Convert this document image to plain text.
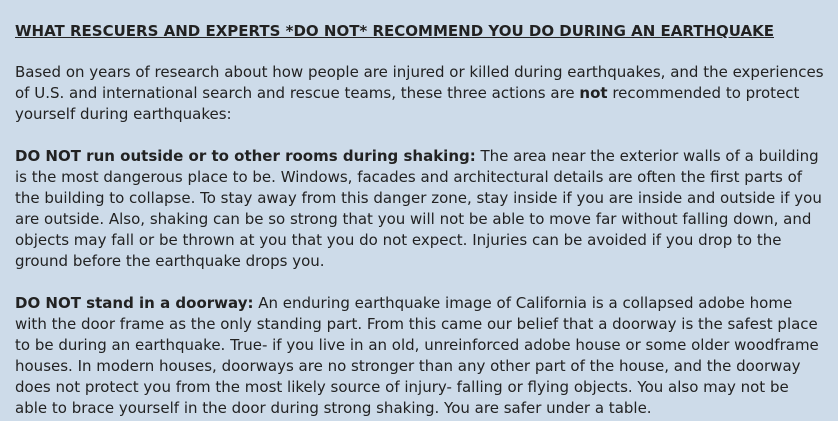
WHAT RESCUERS AND EXPERTS *DO NOT* RECOMMEND YOU DO DURING AN EARTHQUAKE

Based on years of research about how people are injured or killed during earthquakes, and the experiences of U.S. and international search and rescue teams, these three actions are not recommended to protect yourself during earthquakes:

DO NOT run outside or to other rooms during shaking: The area near the exterior walls of a building is the most dangerous place to be. Windows, facades and architectural details are often the first parts of the building to collapse. To stay away from this danger zone, stay inside if you are inside and outside if you are outside. Also, shaking can be so strong that you will not be able to move far without falling down, and objects may fall or be thrown at you that you do not expect. Injuries can be avoided if you drop to the ground before the earthquake drops you.

DO NOT stand in a doorway: An enduring earthquake image of California is a collapsed adobe home with the door frame as the only standing part. From this came our belief that a doorway is the safest place to be during an earthquake. True- if you live in an old, unreinforced adobe house or some older woodframe houses. In modern houses, doorways are no stronger than any other part of the house, and the doorway does not protect you from the most likely source of injury- falling or flying objects. You also may not be able to brace yourself in the door during strong shaking. You are safer under a table.
